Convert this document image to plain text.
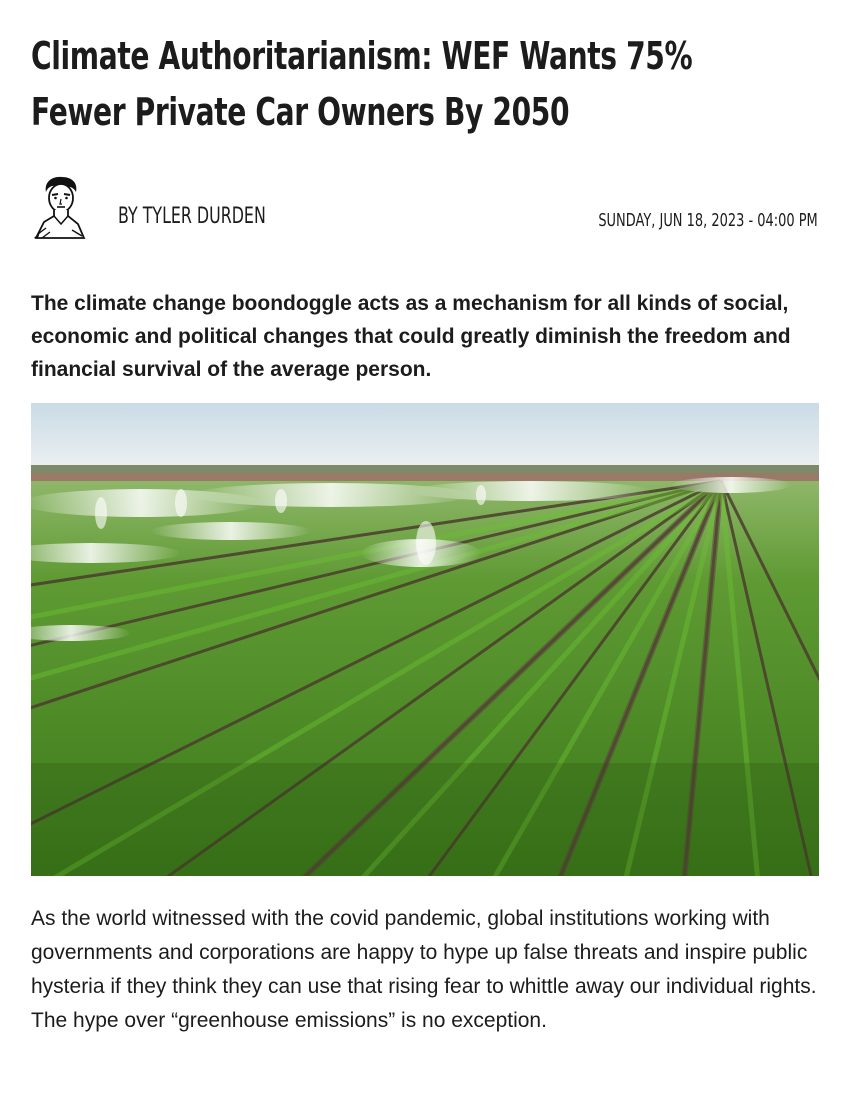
Climate Authoritarianism: WEF Wants 75%
Fewer Private Car Owners By 2050
BY TYLER DURDEN	SUNDAY, JUN 18, 2023 - 04:00 PM

The climate change boondoggle acts as a mechanism for all kinds of social, economic and political changes that could greatly diminish the freedom and financial survival of the average person.

As the world witnessed with the covid pandemic, global institutions working with governments and corporations are happy to hype up false threats and inspire public hysteria if they think they can use that rising fear to whittle away our individual rights. The hype over “greenhouse emissions” is no exception.
